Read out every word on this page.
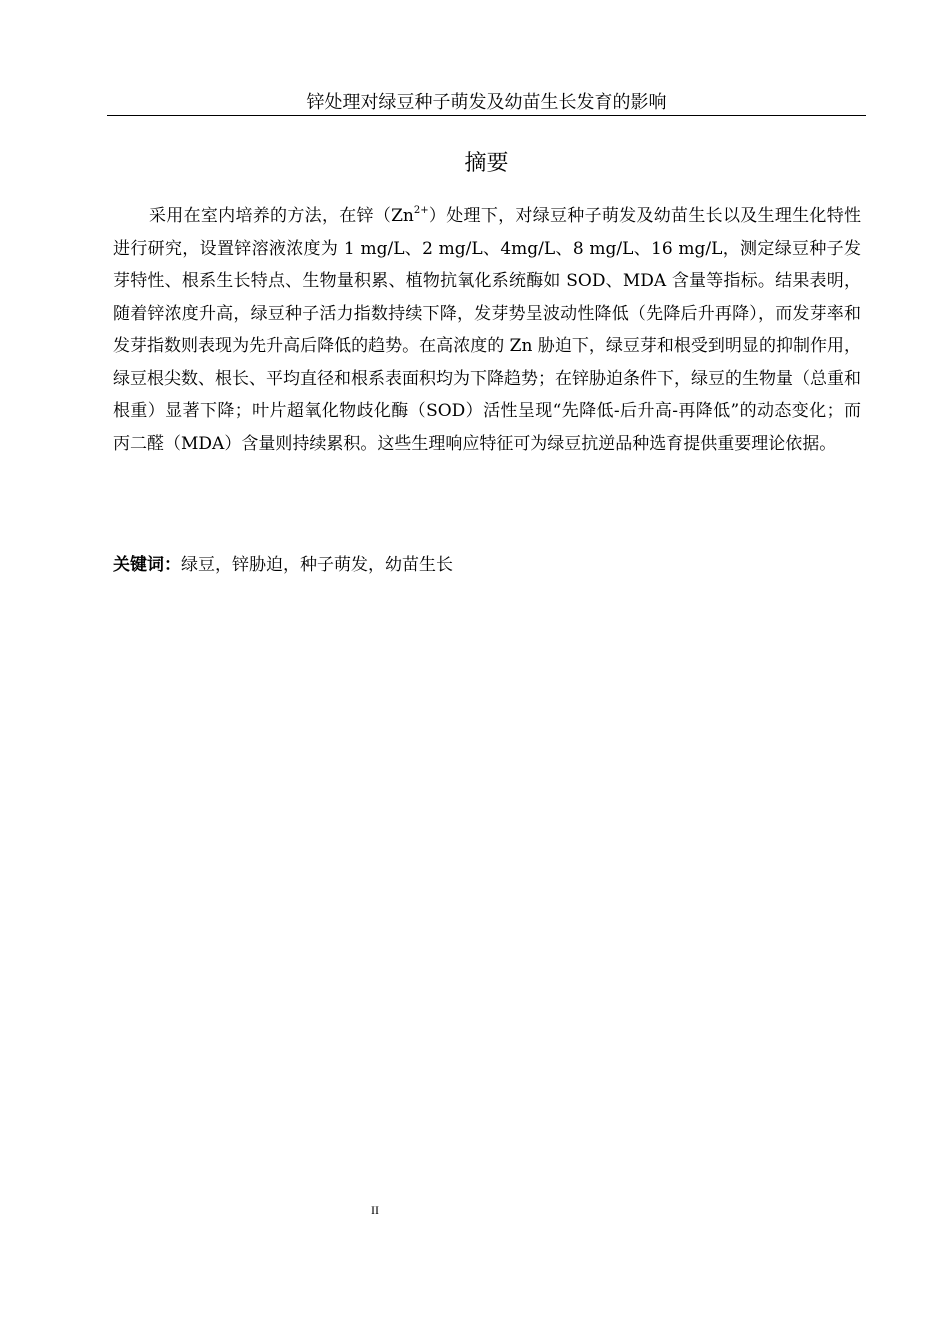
锌处理对绿豆种子萌发及幼苗生长发育的影响
摘要

采用在室内培养的方法，在锌$(Zn^{2+})$处理下，对绿豆种子萌发及幼苗生长以及生理生化特性进行研究，设置锌溶液浓度为 1 mg/L、2 mg/L、4mg/L、8 mg/L、16 mg/L，测定绿豆种子发芽特性、根系生长特点、生物量积累、植物抗氧化系统酶如 SOD、MDA 含量等指标。结果表明，随着锌浓度升高，绿豆种子活力指数持续下降，发芽势呈波动性降低（先降后升再降），而发芽率和发芽指数则表现为先升高后降低的趋势。在高浓度的 Zn 胁迫下，绿豆芽和根受到明显的抑制作用，绿豆根尖数、根长、平均直径和根系表面积均为下降趋势；在锌胁迫条件下，绿豆的生物量（总重和根重）显著下降；叶片超氧化物歧化酶（SOD）活性呈现“先降低-后升高-再降低”的动态变化；而丙二醛（MDA）含量则持续累积。这些生理响应特征可为绿豆抗逆品种选育提供重要理论依据。

关键词：绿豆，锌胁迫，种子萌发，幼苗生长

II
